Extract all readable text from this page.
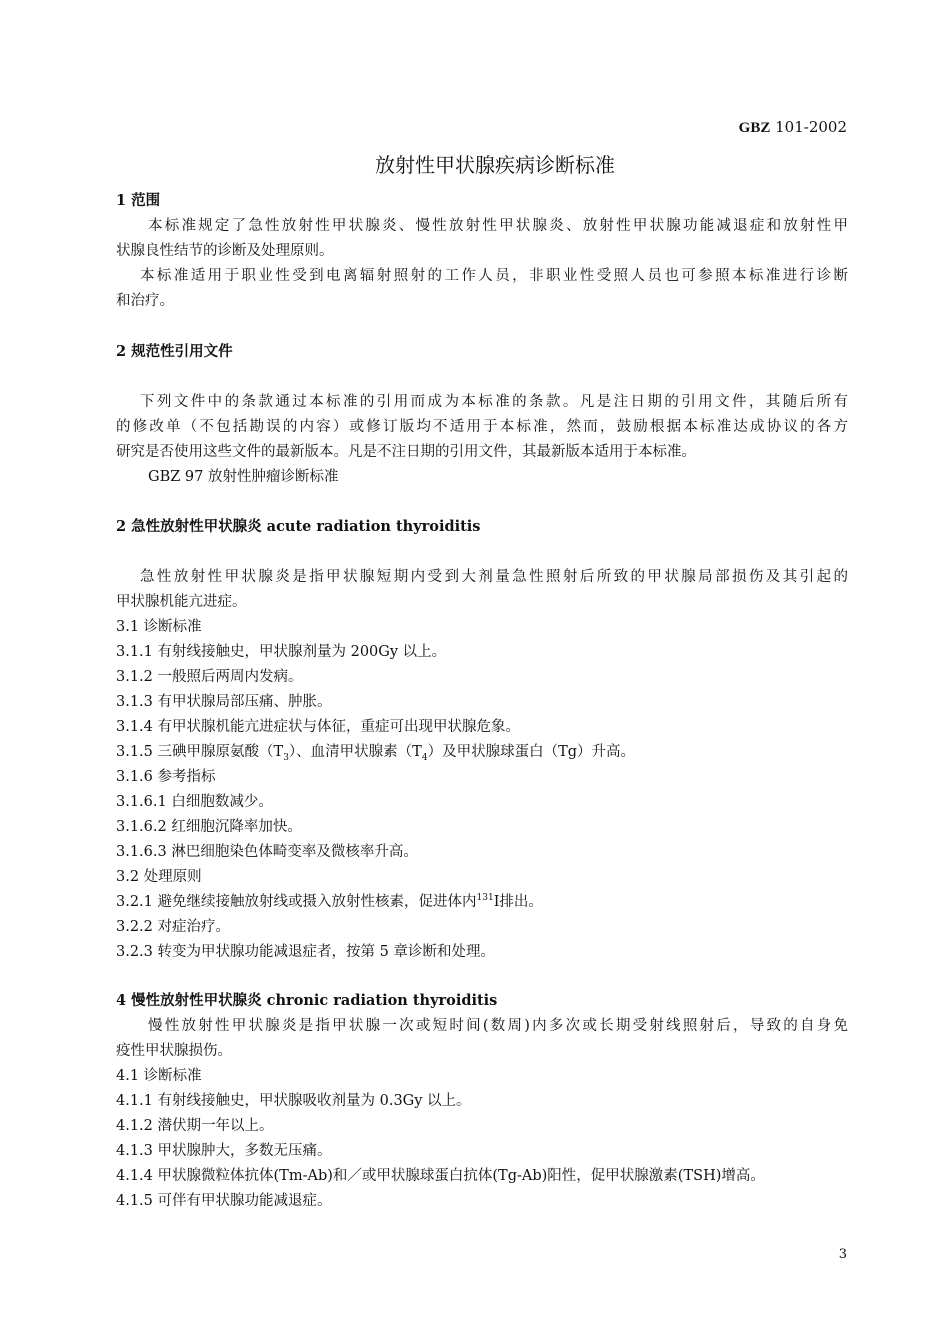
GBZ 101-2002
放射性甲状腺疾病诊断标准
1 范围
本标准规定了急性放射性甲状腺炎、慢性放射性甲状腺炎、放射性甲状腺功能减退症和放射性甲
状腺良性结节的诊断及处理原则。
本标准适用于职业性受到电离辐射照射的工作人员，非职业性受照人员也可参照本标准进行诊断
和治疗。
2 规范性引用文件
下列文件中的条款通过本标准的引用而成为本标准的条款。凡是注日期的引用文件，其随后所有
的修改单（不包括勘误的内容）或修订版均不适用于本标准，然而，鼓励根据本标准达成协议的各方
研究是否使用这些文件的最新版本。凡是不注日期的引用文件，其最新版本适用于本标准。
GBZ 97 放射性肿瘤诊断标准
2 急性放射性甲状腺炎 acute radiation thyroiditis
急性放射性甲状腺炎是指甲状腺短期内受到大剂量急性照射后所致的甲状腺局部损伤及其引起的
甲状腺机能亢进症。
3.1 诊断标准
3.1.1 有射线接触史，甲状腺剂量为 200Gy 以上。
3.1.2 一般照后两周内发病。
3.1.3 有甲状腺局部压痛、肿胀。
3.1.4 有甲状腺机能亢进症状与体征，重症可出现甲状腺危象。
3.1.5 三碘甲腺原氨酸$(T_3)$、血清甲状腺素$(T_4)$及甲状腺球蛋白（Tg）升高。
3.1.6 参考指标
3.1.6.1 白细胞数减少。
3.1.6.2 红细胞沉降率加快。
3.1.6.3 淋巴细胞染色体畸变率及微核率升高。
3.2 处理原则
3.2.1 避免继续接触放射线或摄入放射性核素，促进体内$^{131}$I排出。
3.2.2 对症治疗。
3.2.3 转变为甲状腺功能减退症者，按第 5 章诊断和处理。
4 慢性放射性甲状腺炎 chronic radiation thyroiditis
慢性放射性甲状腺炎是指甲状腺一次或短时间(数周)内多次或长期受射线照射后，导致的自身免
疫性甲状腺损伤。
4.1 诊断标准
4.1.1 有射线接触史，甲状腺吸收剂量为 0.3Gy 以上。
4.1.2 潜伏期一年以上。
4.1.3 甲状腺肿大，多数无压痛。
4.1.4 甲状腺微粒体抗体(Tm-Ab)和／或甲状腺球蛋白抗体(Tg-Ab)阳性，促甲状腺激素(TSH)增高。
4.1.5 可伴有甲状腺功能减退症。
3
